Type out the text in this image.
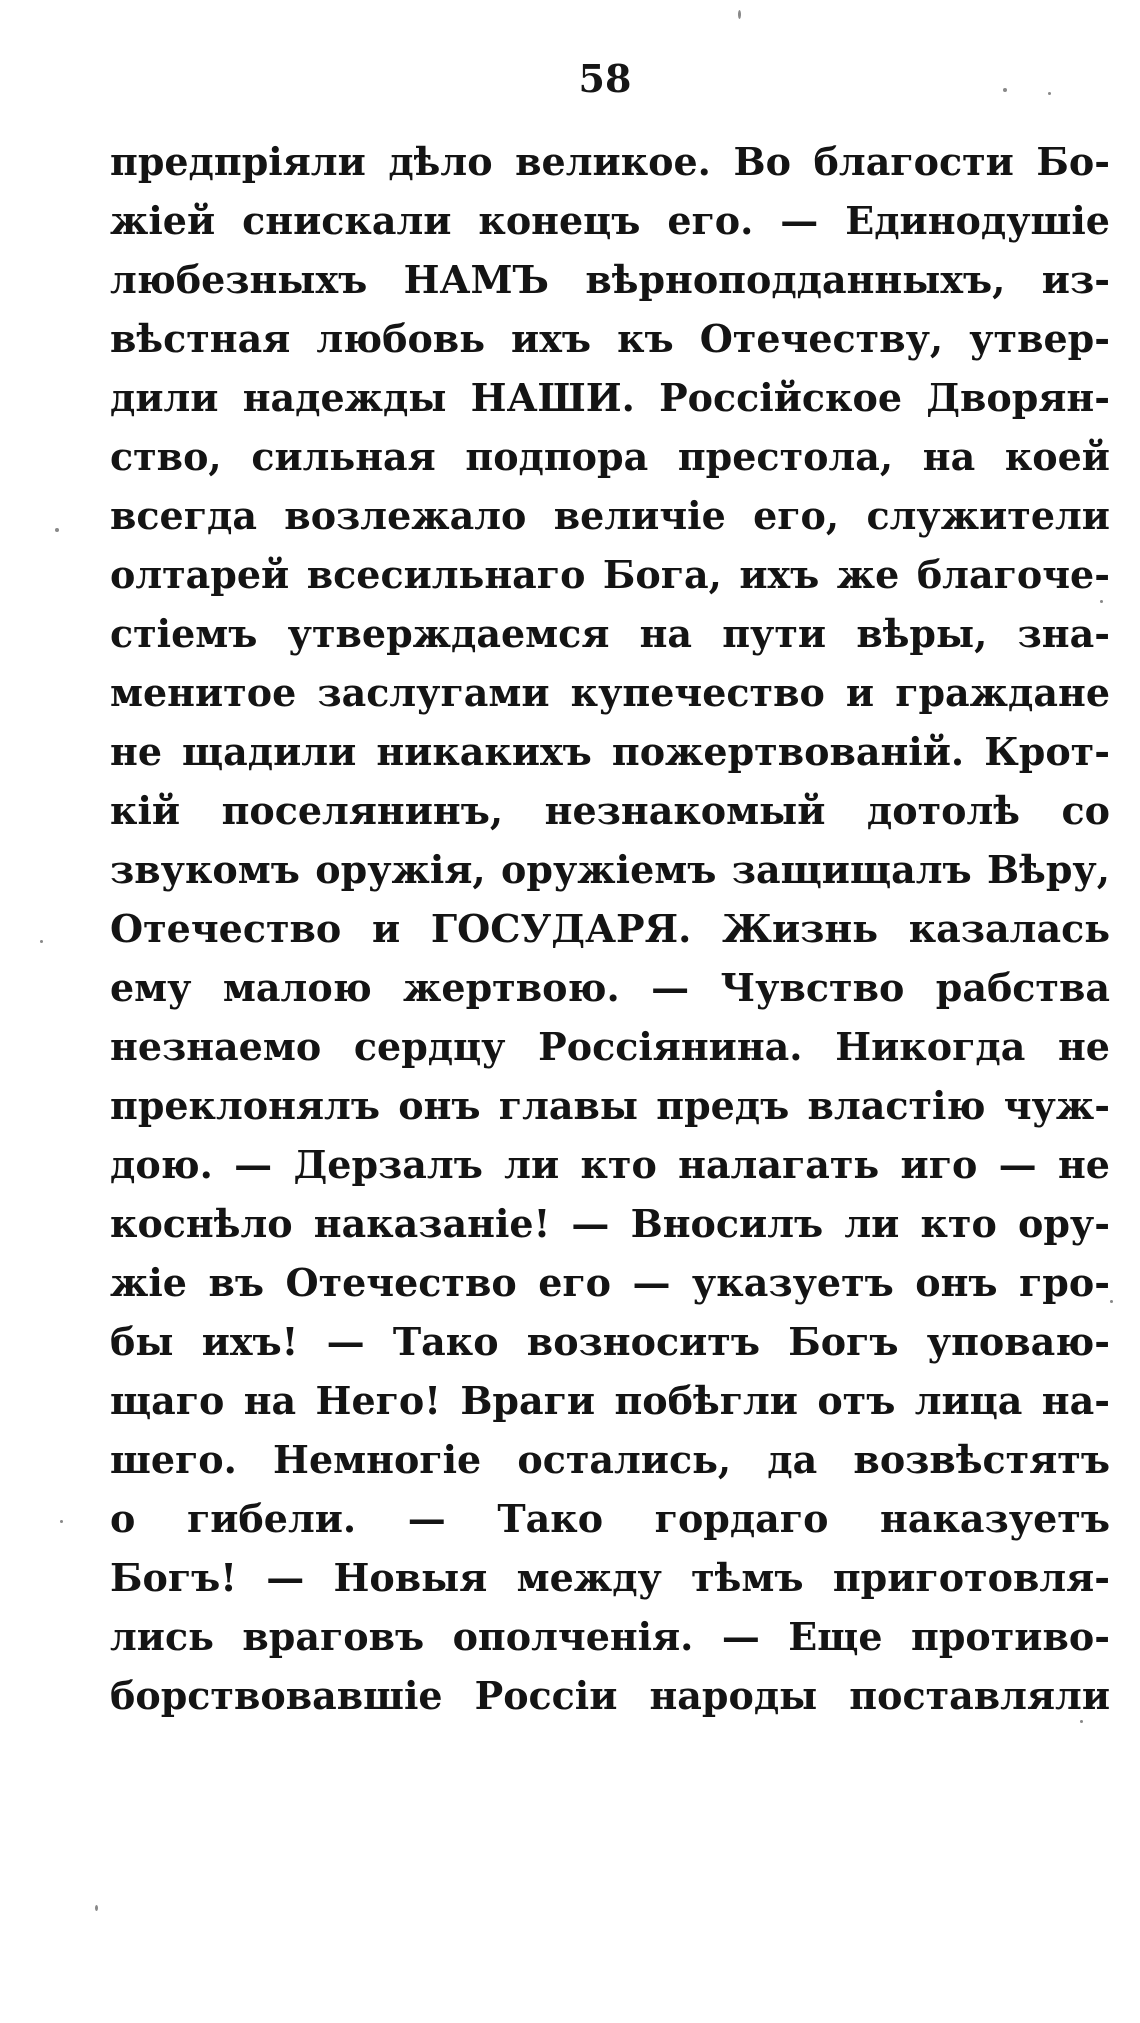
58
предпріяли дѣло великое. Во благости Бо-
жіей снискали конецъ его. — Единодушіе
любезныхъ НАМЪ вѣрноподданныхъ, из-
вѣстная любовь ихъ къ Отечеству, утвер-
дили надежды НАШИ. Россійское Дворян-
ство, сильная подпора престола, на коей
всегда возлежало величіе его, служители
олтарей всесильнаго Бога, ихъ же благоче-
стіемъ утверждаемся на пути вѣры, зна-
менитое заслугами купечество и граждане
не щадили никакихъ пожертвованій. Крот-
кій поселянинъ, незнакомый дотолѣ со
звукомъ оружія, оружіемъ защищалъ Вѣру,
Отечество и ГОСУДАРЯ. Жизнь казалась
ему малою жертвою. — Чувство рабства
незнаемо сердцу Россіянина. Никогда не
преклонялъ онъ главы предъ властію чуж-
дою. — Дерзалъ ли кто налагать иго — не
коснѣло наказаніе! — Вносилъ ли кто ору-
жіе въ Отечество его — указуетъ онъ гро-
бы ихъ! — Тако возноситъ Богъ уповаю-
щаго на Него! Враги побѣгли отъ лица на-
шего. Немногіе остались, да возвѣстятъ
о гибели. — Тако гордаго наказуетъ
Богъ! — Новыя между тѣмъ приготовля-
лись враговъ ополченія. — Еще противо-
борствовавшіе Россіи народы поставляли
